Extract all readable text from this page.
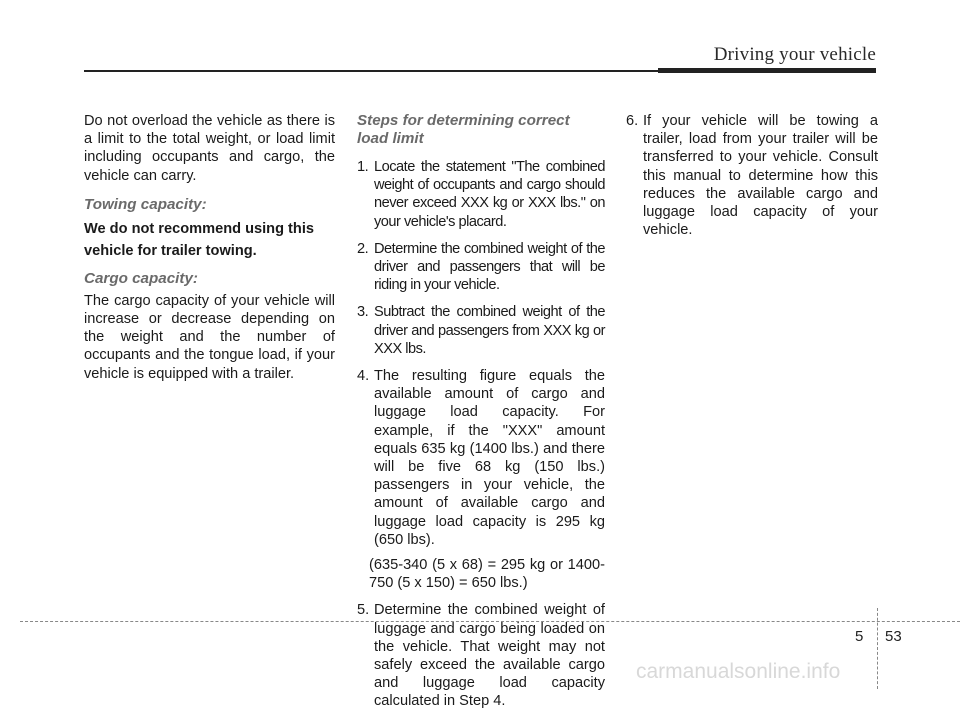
Driving your vehicle

Do not overload the vehicle as there is a limit to the total weight, or load limit including occupants and cargo, the vehicle can carry.

Towing capacity:

We do not recommend using this vehicle for trailer towing.

Cargo capacity:

The cargo capacity of your vehicle will increase or decrease depending on the weight and the number of occupants and the tongue load, if your vehicle is equipped with a trailer.

Steps for determining correct load limit
1. Locate the statement "The combined weight of occupants and cargo should never exceed XXX kg or XXX lbs." on your vehicle's placard.
2. Determine the combined weight of the driver and passengers that will be riding in your vehicle.
3. Subtract the combined weight of the driver and passengers from XXX kg or XXX lbs.
4. The resulting figure equals the available amount of cargo and luggage load capacity. For example, if the "XXX" amount equals 635 kg (1400 lbs.) and there will be five 68 kg (150 lbs.) passengers in your vehicle, the amount of available cargo and luggage load capacity is 295 kg (650 lbs).

(635-340 (5 x 68) = 295 kg or 1400-750 (5 x 150) = 650 lbs.)

5. Determine the combined weight of luggage and cargo being loaded on the vehicle. That weight may not safely exceed the available cargo and luggage load capacity calculated in Step 4.
6. If your vehicle will be towing a trailer, load from your trailer will be transferred to your vehicle. Consult this manual to determine how this reduces the available cargo and luggage load capacity of your vehicle.
5 53
carmanualsonline.info
